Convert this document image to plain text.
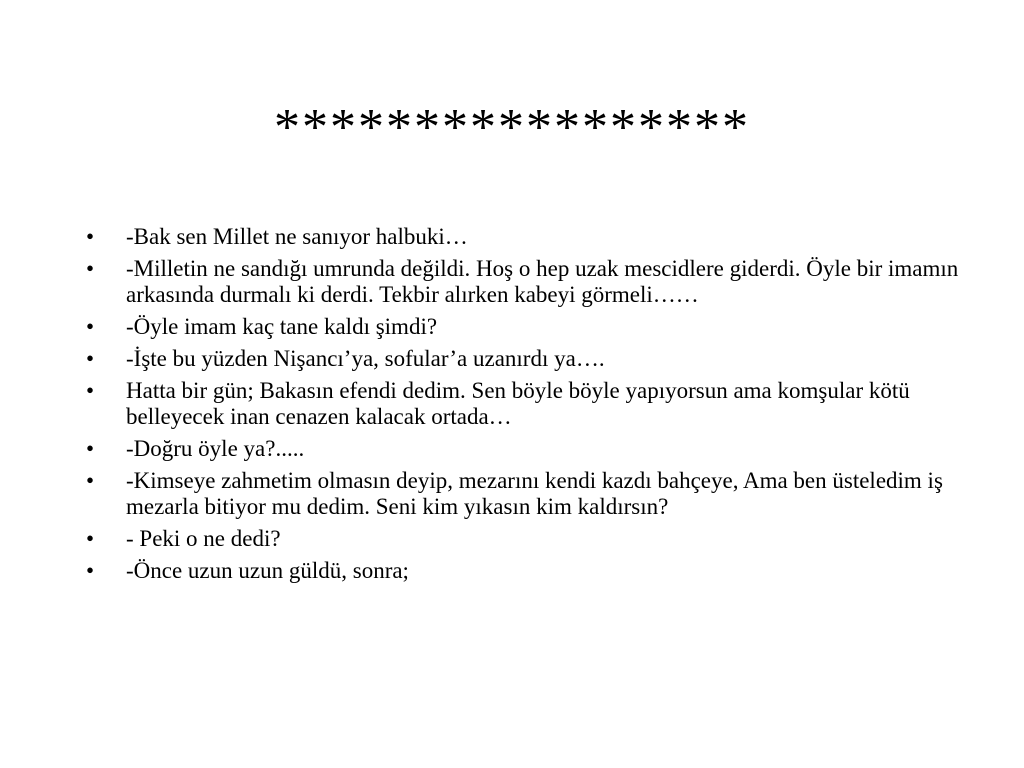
*****************
•	-Bak sen Millet ne sanıyor halbuki…
•	-Milletin ne sandığı umrunda değildi. Hoş o hep uzak mescidlere giderdi. Öyle bir imamın arkasında durmalı ki derdi. Tekbir alırken kabeyi görmeli……
•	-Öyle imam kaç tane kaldı şimdi?
•	-İşte bu yüzden Nişancı’ya, sofular’a uzanırdı ya….
•	Hatta bir gün; Bakasın efendi dedim. Sen böyle böyle yapıyorsun ama komşular kötü belleyecek inan cenazen kalacak ortada…
•	-Doğru öyle ya?.....
•	-Kimseye zahmetim olmasın deyip, mezarını kendi kazdı bahçeye, Ama ben üsteledim iş mezarla bitiyor mu dedim. Seni kim yıkasın kim kaldırsın?
•	- Peki o ne dedi?
•	-Önce uzun uzun güldü, sonra;
